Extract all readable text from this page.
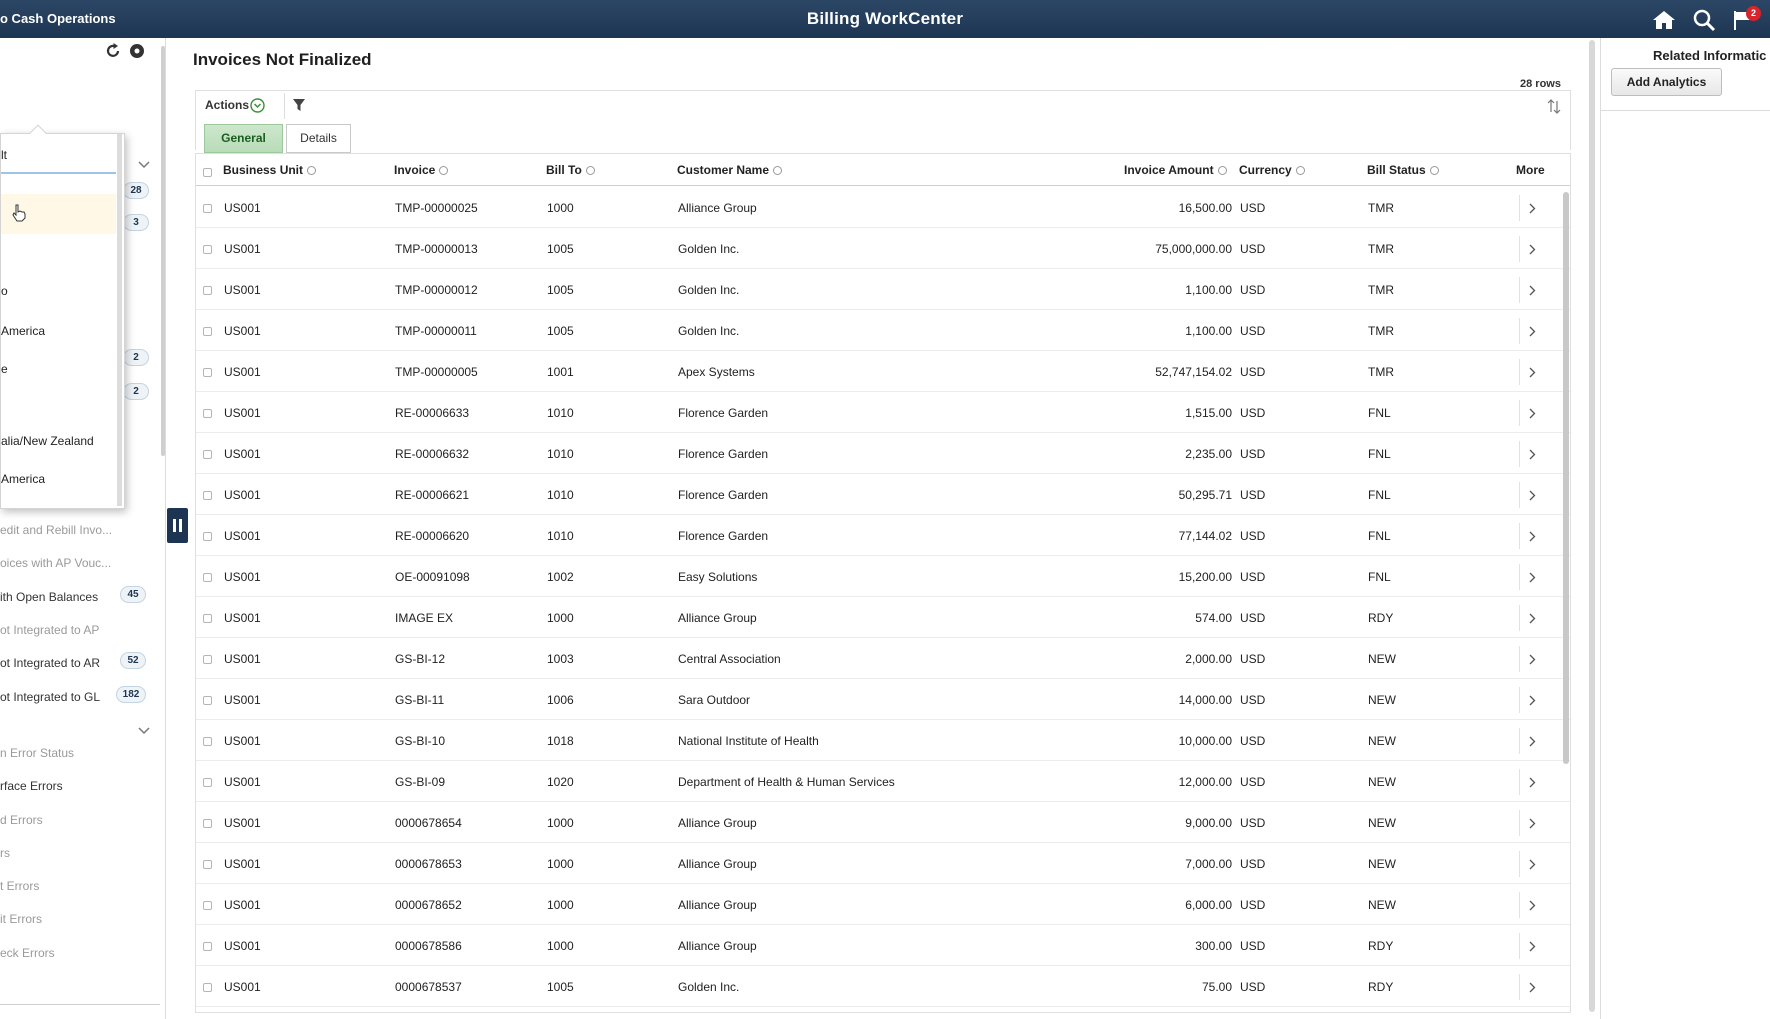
o Cash Operations	Billing WorkCenter	2
28
3
2
2
edit and Rebill Invo...
oices with AP Vouc...
ith Open Balances	45
ot Integrated to AP
ot Integrated to AR	52
ot Integrated to GL	182
n Error Status
rface Errors
d Errors
rs
t Errors
it Errors
eck Errors
lt
o
America
e
alia/New Zealand
America
Invoices Not Finalized
28 rows
Actions
General	Details
Business Unit	Invoice	Bill To	Customer Name	Invoice Amount	Currency	Bill Status	More
US001	TMP-00000025	1000	Alliance Group	16,500.00 USD	TMR
US001	TMP-00000013	1005	Golden Inc.	75,000,000.00 USD	TMR
US001	TMP-00000012	1005	Golden Inc.	1,100.00 USD	TMR
US001	TMP-00000011	1005	Golden Inc.	1,100.00 USD	TMR
US001	TMP-00000005	1001	Apex Systems	52,747,154.02 USD	TMR
US001	RE-00006633	1010	Florence Garden	1,515.00 USD	FNL
US001	RE-00006632	1010	Florence Garden	2,235.00 USD	FNL
US001	RE-00006621	1010	Florence Garden	50,295.71 USD	FNL
US001	RE-00006620	1010	Florence Garden	77,144.02 USD	FNL
US001	OE-00091098	1002	Easy Solutions	15,200.00 USD	FNL
US001	IMAGE EX	1000	Alliance Group	574.00 USD	RDY
US001	GS-BI-12	1003	Central Association	2,000.00 USD	NEW
US001	GS-BI-11	1006	Sara Outdoor	14,000.00 USD	NEW
US001	GS-BI-10	1018	National Institute of Health	10,000.00 USD	NEW
US001	GS-BI-09	1020	Department of Health & Human Services	12,000.00 USD	NEW
US001	0000678654	1000	Alliance Group	9,000.00 USD	NEW
US001	0000678653	1000	Alliance Group	7,000.00 USD	NEW
US001	0000678652	1000	Alliance Group	6,000.00 USD	NEW
US001	0000678586	1000	Alliance Group	300.00 USD	RDY
US001	0000678537	1005	Golden Inc.	75.00 USD	RDY
Related Informatic
Add Analytics
